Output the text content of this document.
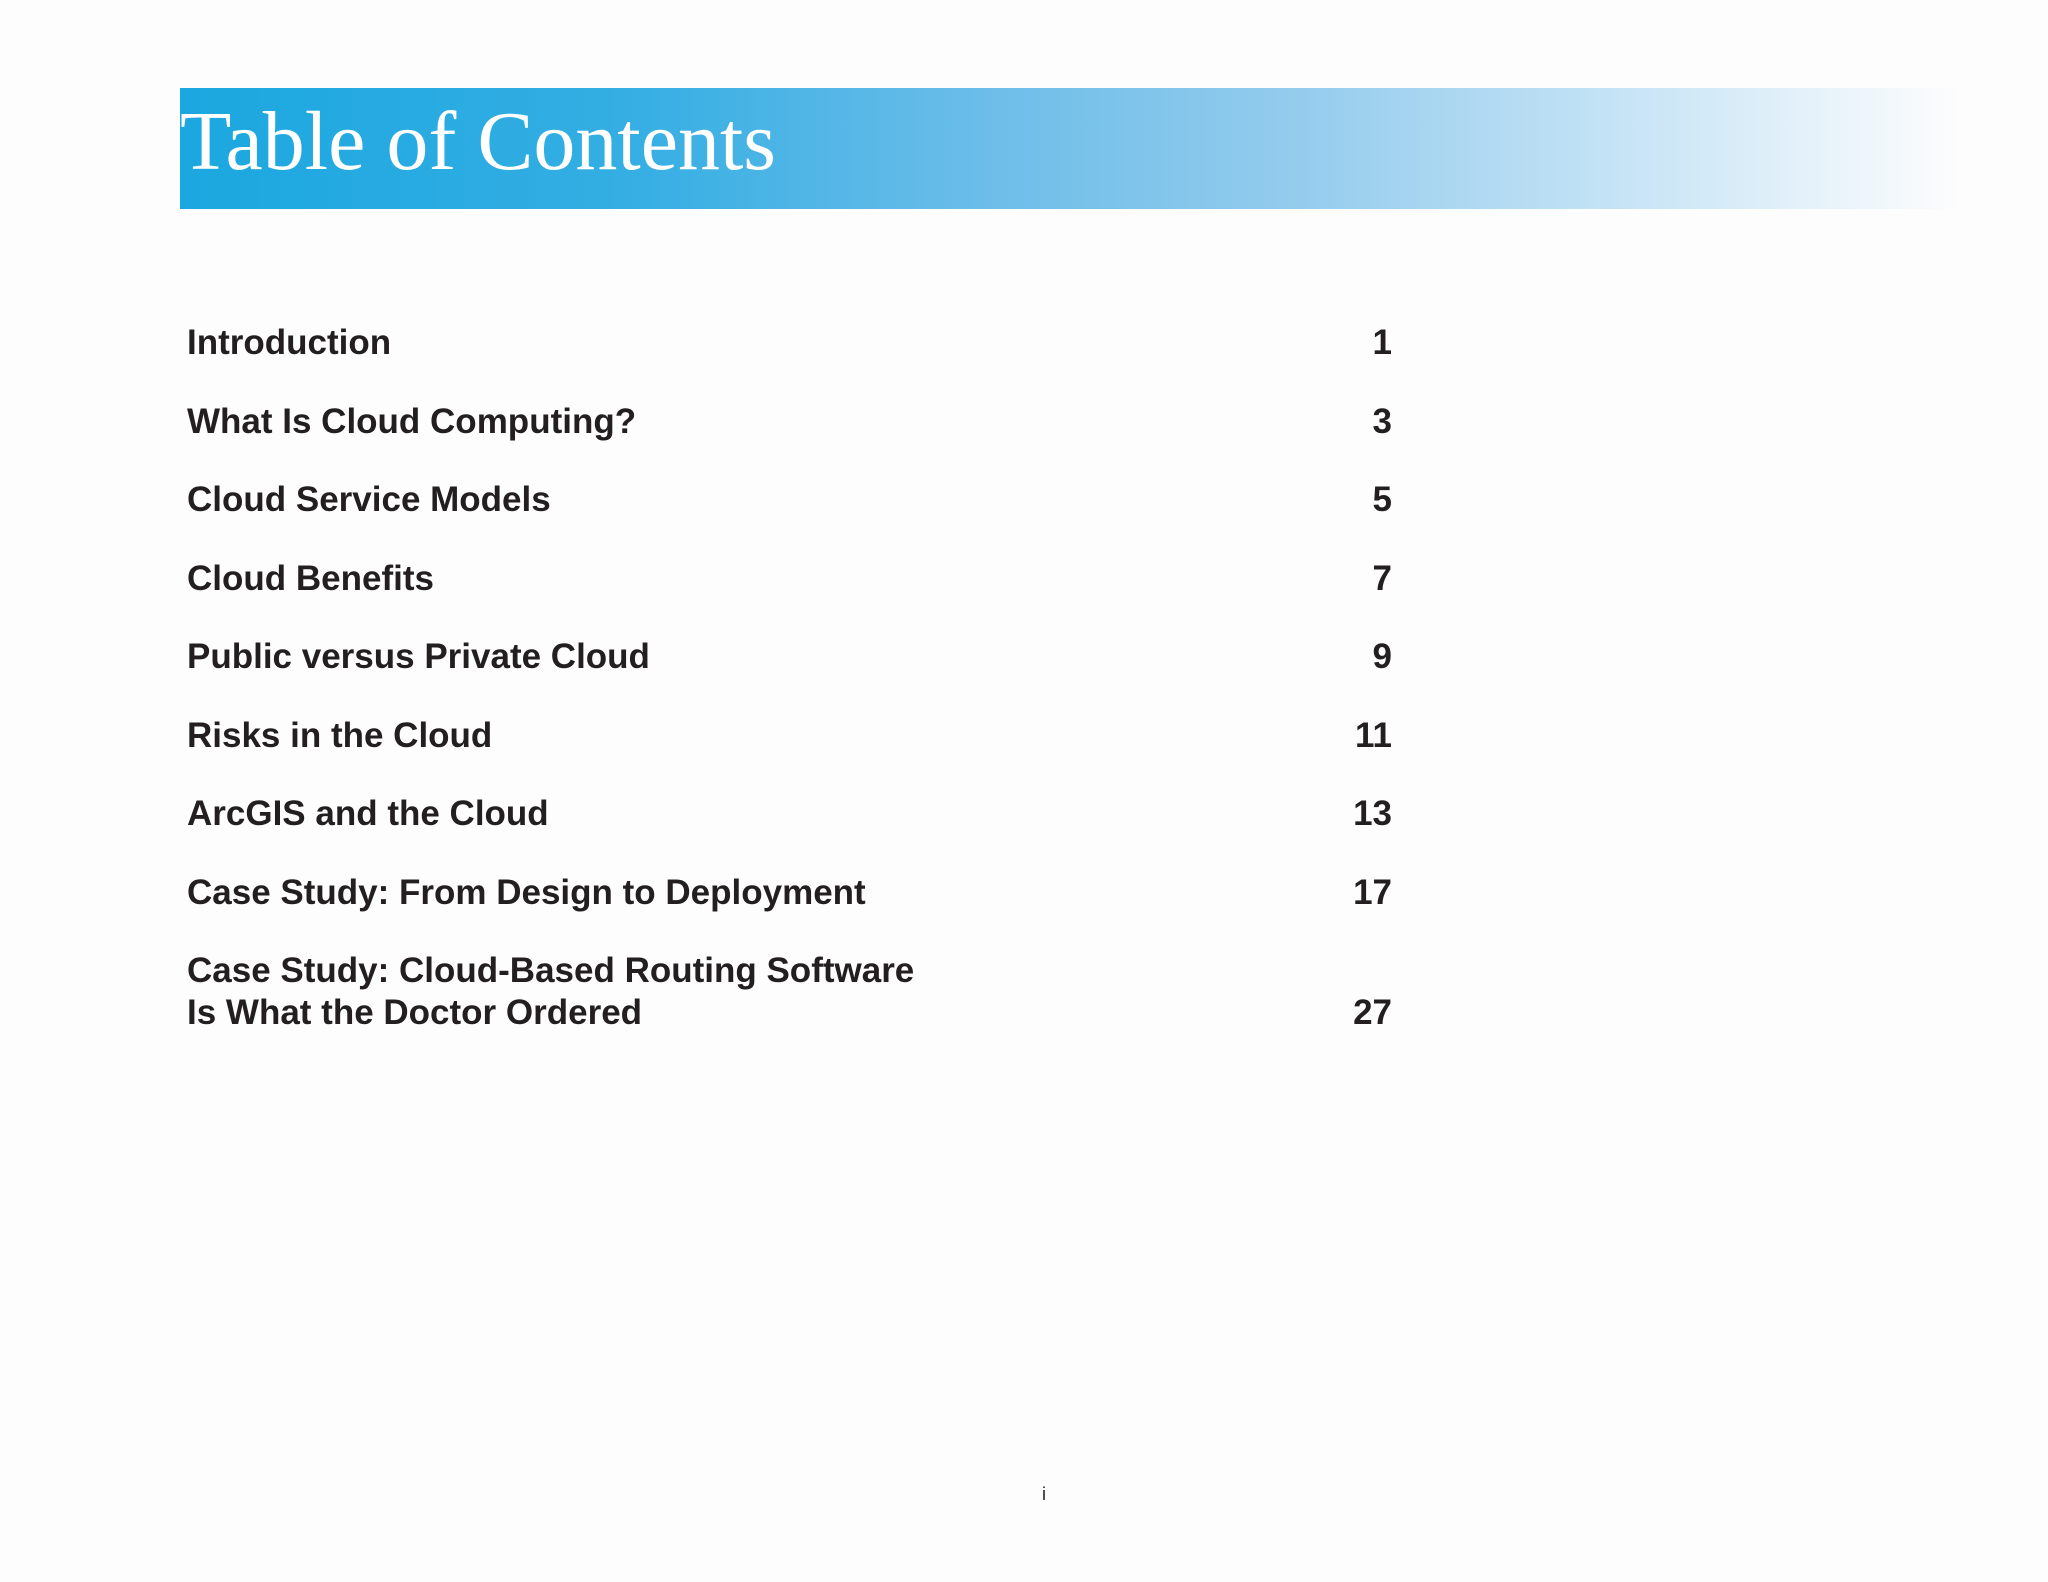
Table of Contents
Introduction	1
What Is Cloud Computing?	3
Cloud Service Models	5
Cloud Benefits	7
Public versus Private Cloud	9
Risks in the Cloud	11
ArcGIS and the Cloud	13
Case Study: From Design to Deployment	17
Case Study: Cloud-Based Routing Software
Is What the Doctor Ordered	27
i
